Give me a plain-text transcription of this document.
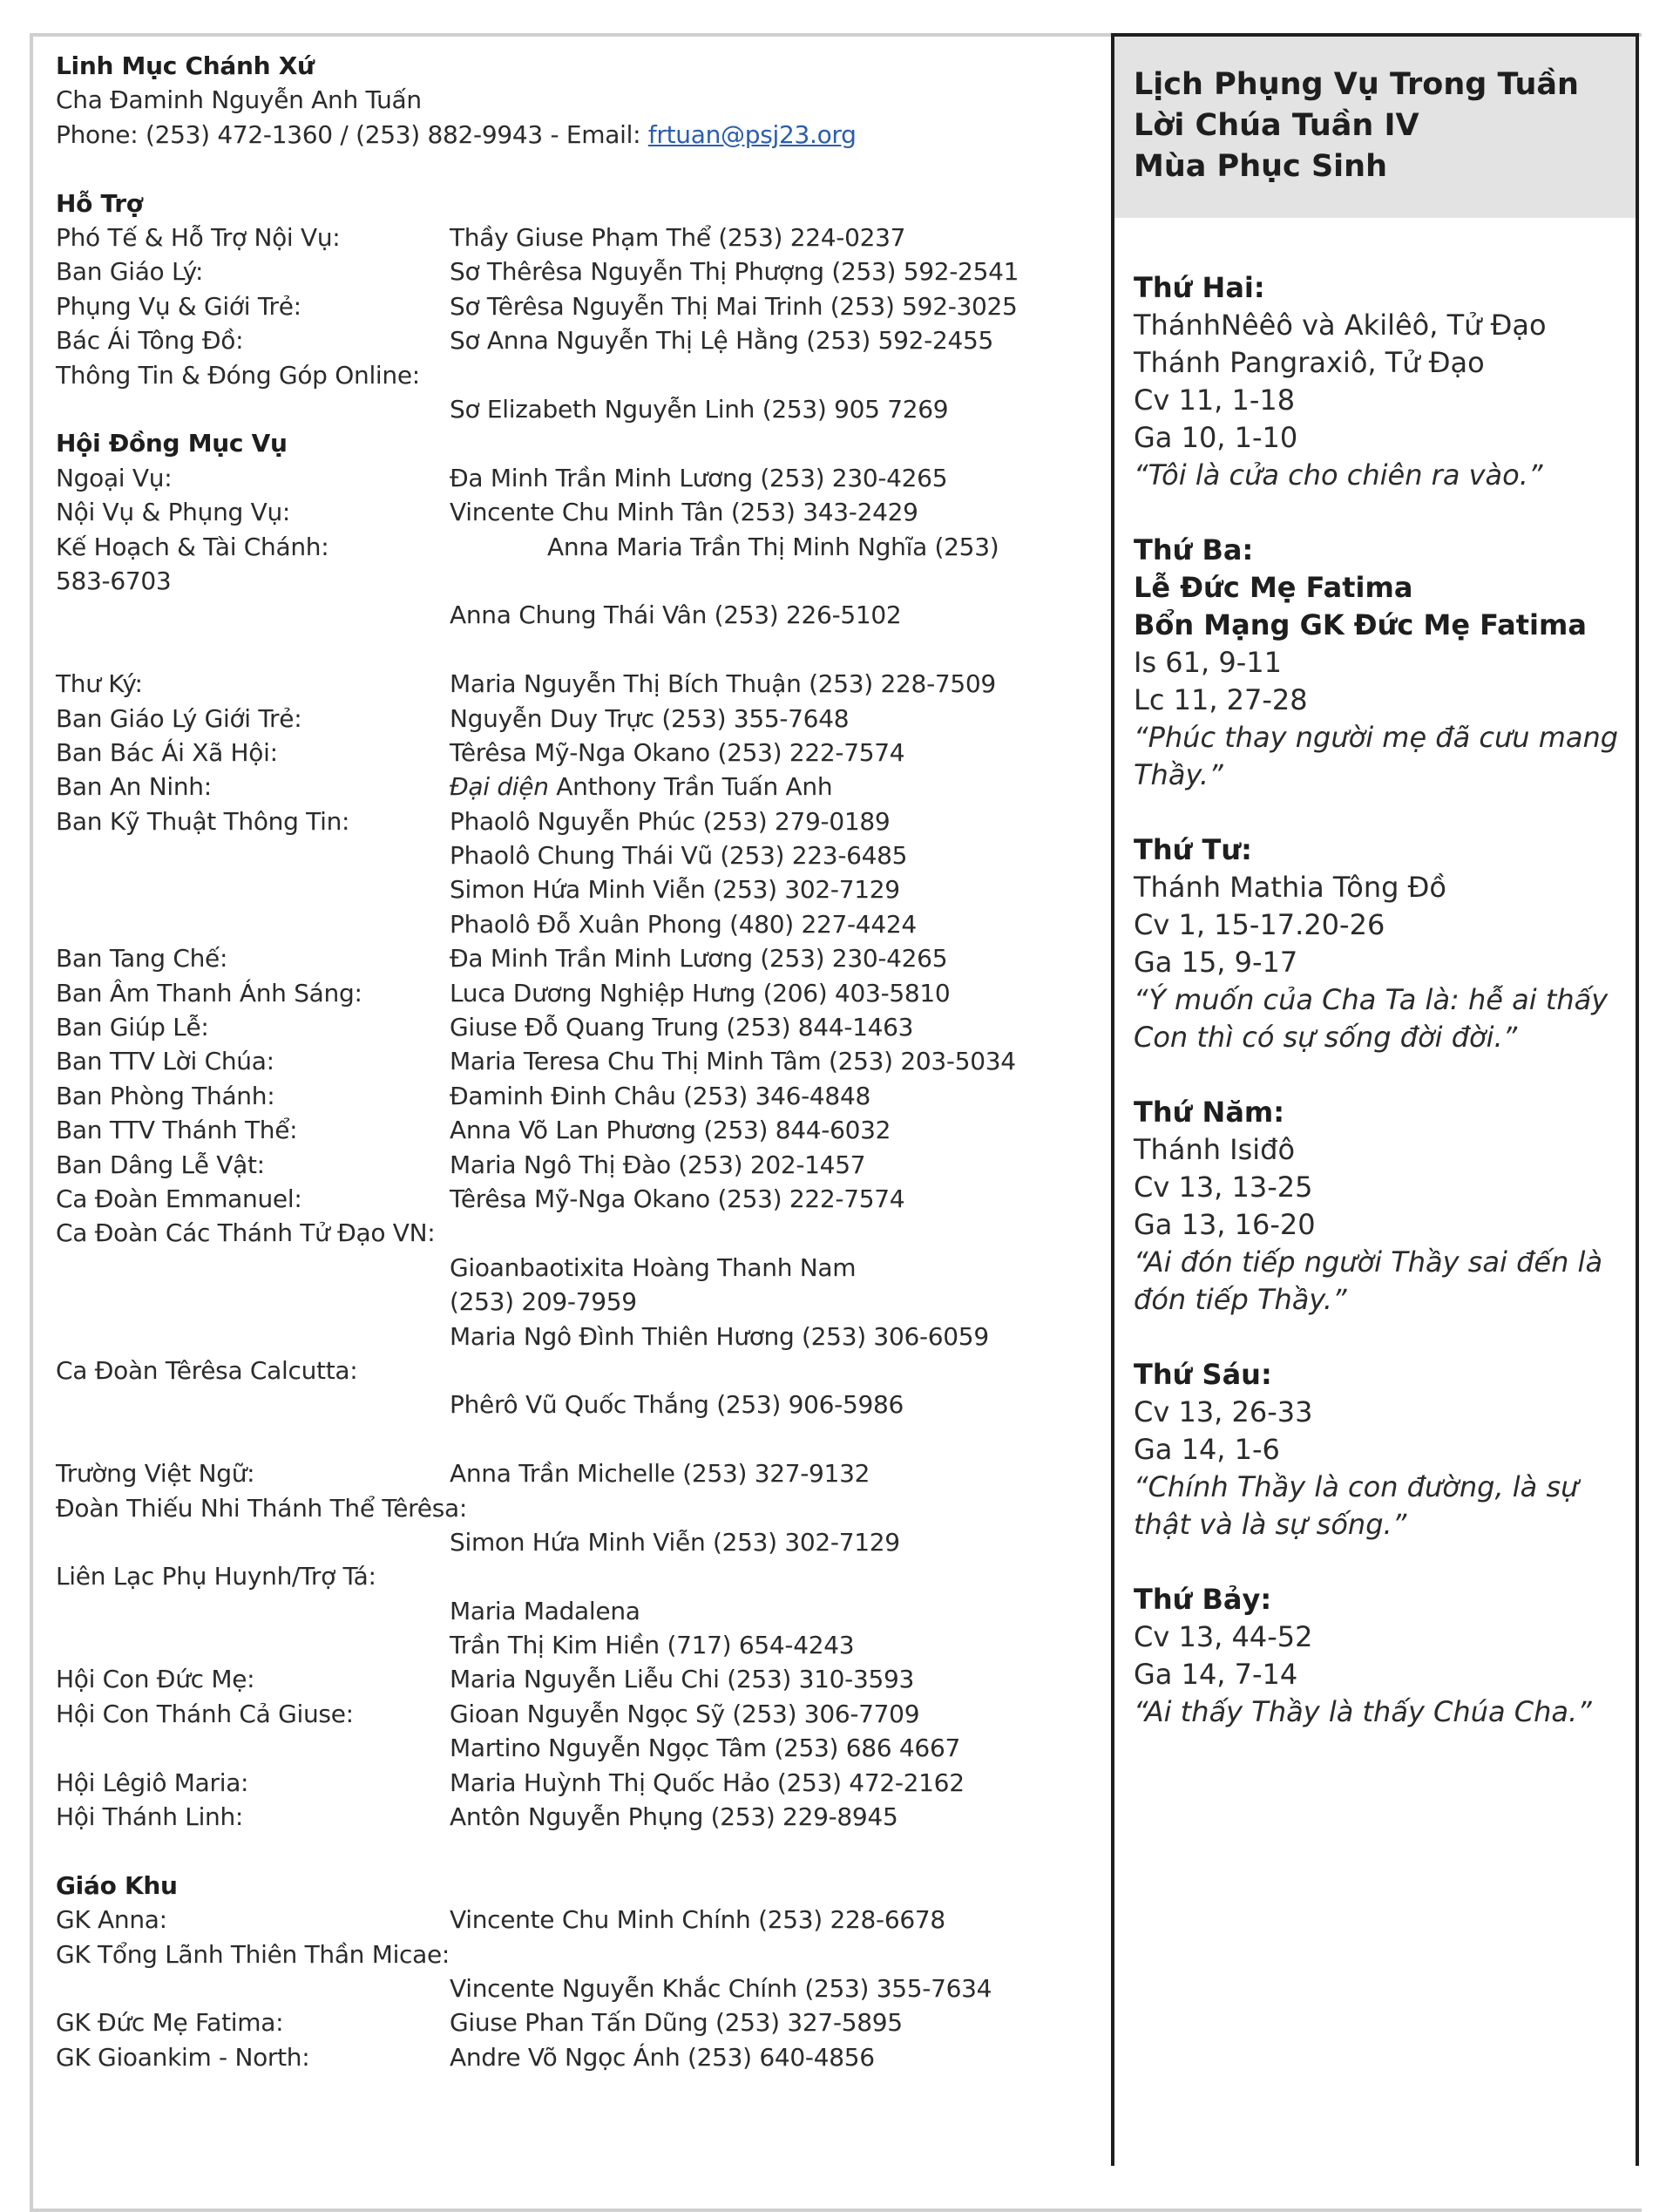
Linh Mục Chánh Xứ
Cha Đaminh Nguyễn Anh Tuấn
Phone: (253) 472-1360 / (253) 882-9943 - Email: frtuan@psj23.org
Hỗ Trợ
Phó Tế & Hỗ Trợ Nội Vụ:	Thầy Giuse Phạm Thể (253) 224-0237
Ban Giáo Lý:	Sơ Thêrêsa Nguyễn Thị Phượng (253) 592-2541
Phụng Vụ & Giới Trẻ:	Sơ Têrêsa Nguyễn Thị Mai Trinh (253) 592-3025
Bác Ái Tông Đồ:	Sơ Anna Nguyễn Thị Lệ Hằng (253) 592-2455
Thông Tin & Đóng Góp Online:
Sơ Elizabeth Nguyễn Linh (253) 905 7269
Hội Đồng Mục Vụ
Ngoại Vụ:	Đa Minh Trần Minh Lương (253) 230-4265
Nội Vụ & Phụng Vụ:	Vincente Chu Minh Tân (253) 343-2429
Kế Hoạch & Tài Chánh:	Anna Maria Trần Thị Minh Nghĩa (253)
583-6703
Anna Chung Thái Vân (253) 226-5102
Thư Ký:	Maria Nguyễn Thị Bích Thuận (253) 228-7509
Ban Giáo Lý Giới Trẻ:	Nguyễn Duy Trực (253) 355-7648
Ban Bác Ái Xã Hội:	Têrêsa Mỹ-Nga Okano (253) 222-7574
Ban An Ninh:	Đại diện Anthony Trần Tuấn Anh
Ban Kỹ Thuật Thông Tin:	Phaolô Nguyễn Phúc (253) 279-0189
Phaolô Chung Thái Vũ (253) 223-6485
Simon Hứa Minh Viễn (253) 302-7129
Phaolô Đỗ Xuân Phong (480) 227-4424
Ban Tang Chế:	Đa Minh Trần Minh Lương (253) 230-4265
Ban Âm Thanh Ánh Sáng:	Luca Dương Nghiệp Hưng (206) 403-5810
Ban Giúp Lễ:	Giuse Đỗ Quang Trung (253) 844-1463
Ban TTV Lời Chúa:	Maria Teresa Chu Thị Minh Tâm (253) 203-5034
Ban Phòng Thánh:	Đaminh Đinh Châu (253) 346-4848
Ban TTV Thánh Thể:	Anna Võ Lan Phương (253) 844-6032
Ban Dâng Lễ Vật:	Maria Ngô Thị Đào (253) 202-1457
Ca Đoàn Emmanuel:	Têrêsa Mỹ-Nga Okano (253) 222-7574
Ca Đoàn Các Thánh Tử Đạo VN:
Gioanbaotixita Hoàng Thanh Nam
(253) 209-7959
Maria Ngô Đình Thiên Hương (253) 306-6059
Ca Đoàn Têrêsa Calcutta:
Phêrô Vũ Quốc Thắng (253) 906-5986
Trường Việt Ngữ:	Anna Trần Michelle (253) 327-9132
Đoàn Thiếu Nhi Thánh Thể Têrêsa:
Simon Hứa Minh Viễn (253) 302-7129
Liên Lạc Phụ Huynh/Trợ Tá:
Maria Madalena
Trần Thị Kim Hiền (717) 654-4243
Hội Con Đức Mẹ:	Maria Nguyễn Liễu Chi (253) 310-3593
Hội Con Thánh Cả Giuse:	Gioan Nguyễn Ngọc Sỹ (253) 306-7709
Martino Nguyễn Ngọc Tâm (253) 686 4667
Hội Lêgiô Maria:	Maria Huỳnh Thị Quốc Hảo (253) 472-2162
Hội Thánh Linh:	Antôn Nguyễn Phụng (253) 229-8945
Giáo Khu
GK Anna:	Vincente Chu Minh Chính (253) 228-6678
GK Tổng Lãnh Thiên Thần Micae:
Vincente Nguyễn Khắc Chính (253) 355-7634
GK Đức Mẹ Fatima:	Giuse Phan Tấn Dũng (253) 327-5895
GK Gioankim - North:	Andre Võ Ngọc Ánh (253) 640-4856
Lịch Phụng Vụ Trong Tuần
Lời Chúa Tuần IV
Mùa Phục Sinh
Thứ Hai:
ThánhNêêô và Akilêô, Tử Đạo
Thánh Pangraxiô, Tử Đạo
Cv 11, 1-18
Ga 10, 1-10
“Tôi là cửa cho chiên ra vào.”
Thứ Ba:
Lễ Đức Mẹ Fatima
Bổn Mạng GK Đức Mẹ Fatima
Is 61, 9-11
Lc 11, 27-28
“Phúc thay người mẹ đã cưu mang
Thầy.”
Thứ Tư:
Thánh Mathia Tông Đồ
Cv 1, 15-17.20-26
Ga 15, 9-17
“Ý muốn của Cha Ta là: hễ ai thấy
Con thì có sự sống đời đời.”
Thứ Năm:
Thánh Isiđô
Cv 13, 13-25
Ga 13, 16-20
“Ai đón tiếp người Thầy sai đến là
đón tiếp Thầy.”
Thứ Sáu:
Cv 13, 26-33
Ga 14, 1-6
“Chính Thầy là con đường, là sự
thật và là sự sống.”
Thứ Bảy:
Cv 13, 44-52
Ga 14, 7-14
“Ai thấy Thầy là thấy Chúa Cha.”
